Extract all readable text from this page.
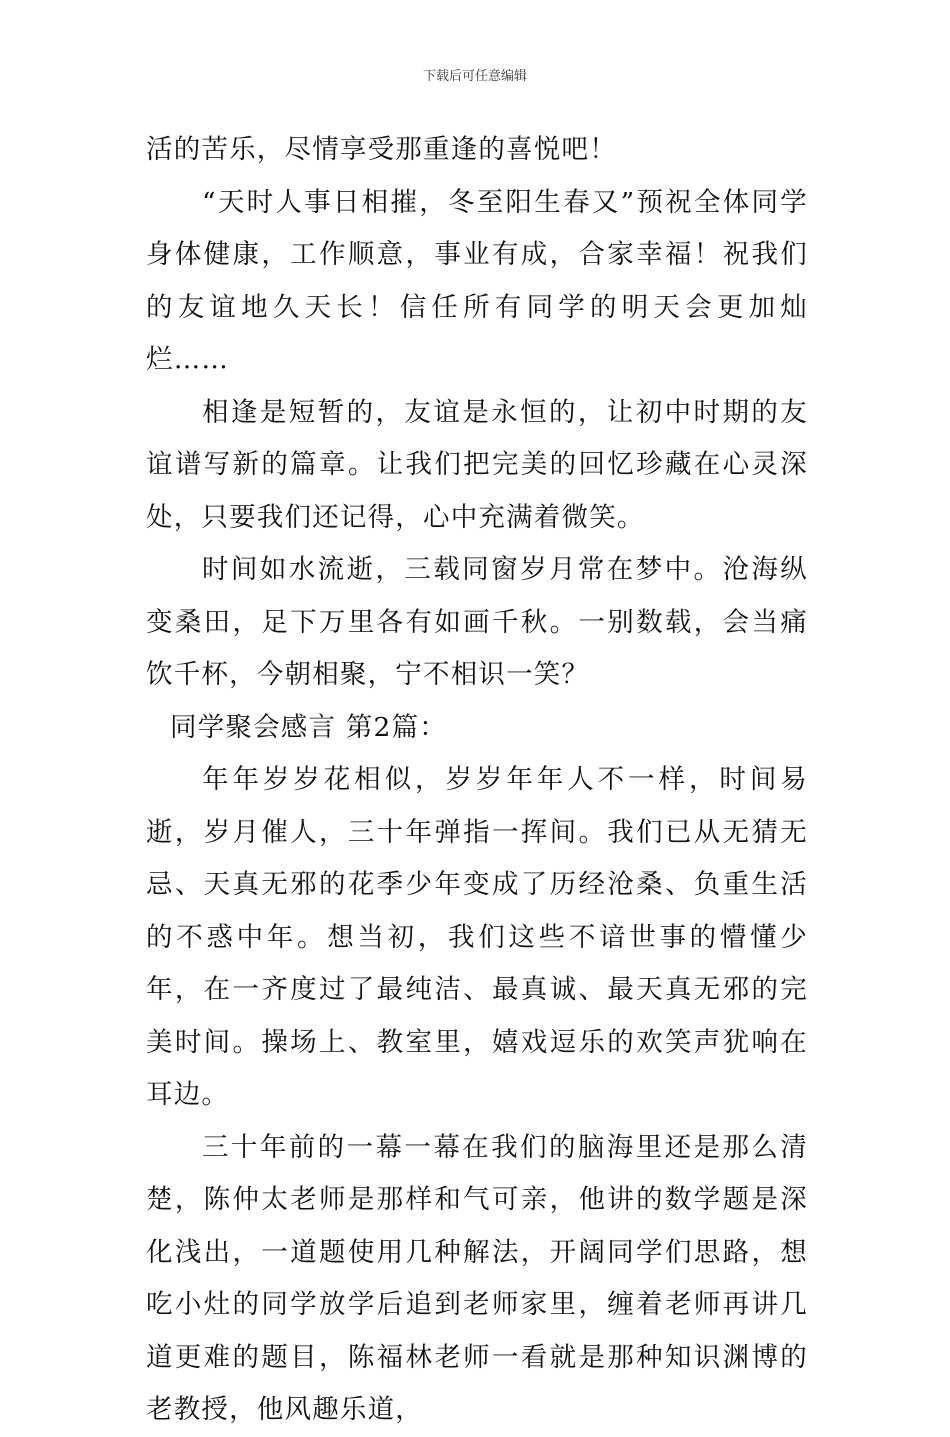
下载后可任意编辑

活的苦乐，尽情享受那重逢的喜悦吧！

“天时人事日相摧，冬至阳生春又”预祝全体同学身体健康，工作顺意，事业有成，合家幸福！祝我们的友谊地久天长！信任所有同学的明天会更加灿烂……

相逢是短暂的，友谊是永恒的，让初中时期的友谊谱写新的篇章。让我们把完美的回忆珍藏在心灵深处，只要我们还记得，心中充满着微笑。

时间如水流逝，三载同窗岁月常在梦中。沧海纵变桑田，足下万里各有如画千秋。一别数载，会当痛饮千杯，今朝相聚，宁不相识一笑？

同学聚会感言 第2篇：

年年岁岁花相似，岁岁年年人不一样，时间易逝，岁月催人，三十年弹指一挥间。我们已从无猜无忌、天真无邪的花季少年变成了历经沧桑、负重生活的不惑中年。想当初，我们这些不谙世事的懵懂少年，在一齐度过了最纯洁、最真诚、最天真无邪的完美时间。操场上、教室里，嬉戏逗乐的欢笑声犹响在耳边。

三十年前的一幕一幕在我们的脑海里还是那么清楚，陈仲太老师是那样和气可亲，他讲的数学题是深化浅出，一道题使用几种解法，开阔同学们思路，想吃小灶的同学放学后追到老师家里，缠着老师再讲几道更难的题目，陈福林老师一看就是那种知识渊博的老教授，他风趣乐道，
